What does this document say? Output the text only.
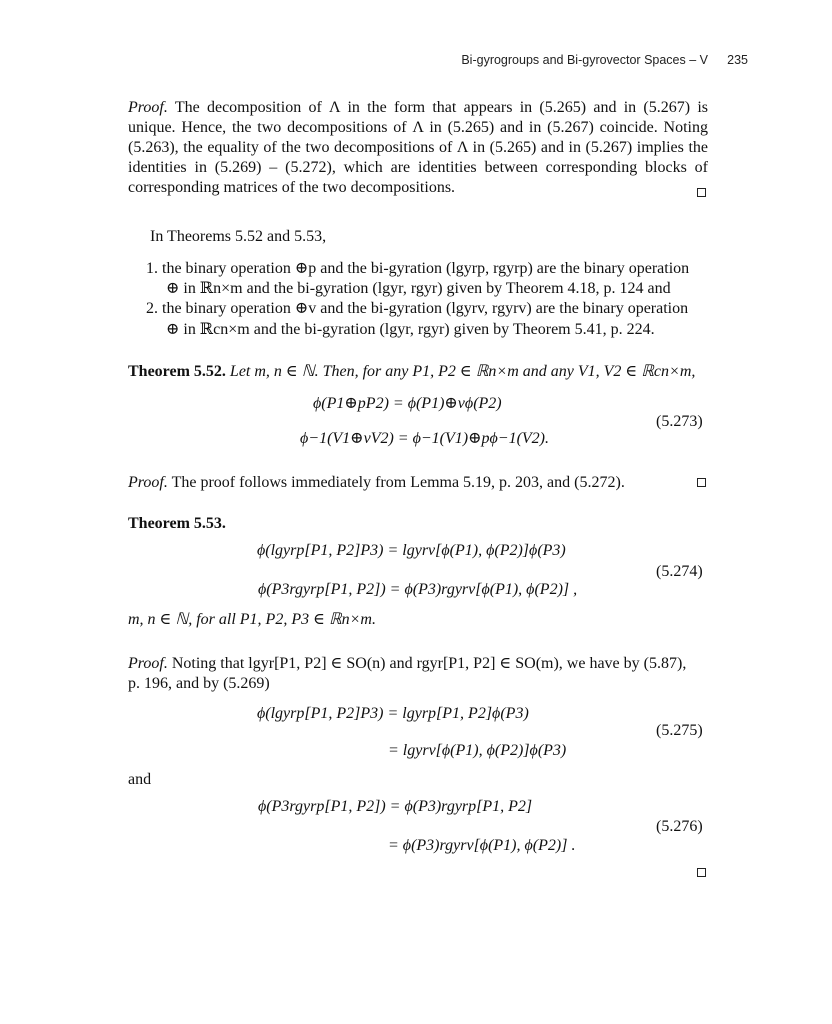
Bi-gyrogroups and Bi-gyrovector Spaces – V 235

Proof. The decomposition of Λ in the form that appears in (5.265) and in (5.267) is unique. Hence, the two decompositions of Λ in (5.265) and in (5.267) coincide. Noting (5.263), the equality of the two decompositions of Λ in (5.265) and in (5.267) implies the identities in (5.269) – (5.272), which are identities between corresponding blocks of corresponding matrices of the two decompositions.

In Theorems 5.52 and 5.53,

1. the binary operation ⊕p and the bi-gyration (lgyrp, rgyrp) are the binary operation
⊕ in ℝn×m and the bi-gyration (lgyr, rgyr) given by Theorem 4.18, p. 124 and
2. the binary operation ⊕v and the bi-gyration (lgyrv, rgyrv) are the binary operation
⊕ in ℝcn×m and the bi-gyration (lgyr, rgyr) given by Theorem 5.41, p. 224.
Theorem 5.52. Let m, n ∈ ℕ. Then, for any P1, P2 ∈ ℝn×m and any V1, V2 ∈ ℝcn×m,
ϕ(P1⊕pP2) = ϕ(P1)⊕vϕ(P2)
ϕ−1(V1⊕vV2) = ϕ−1(V1)⊕pϕ−1(V2).
(5.273)
Proof. The proof follows immediately from Lemma 5.19, p. 203, and (5.272).
Theorem 5.53.
ϕ(lgyrp[P1, P2]P3) = lgyrv[ϕ(P1), ϕ(P2)]ϕ(P3)
ϕ(P3rgyrp[P1, P2]) = ϕ(P3)rgyrv[ϕ(P1), ϕ(P2)] ,
(5.274)
m, n ∈ ℕ, for all P1, P2, P3 ∈ ℝn×m.
Proof. Noting that lgyr[P1, P2] ∈ SO(n) and rgyr[P1, P2] ∈ SO(m), we have by (5.87),
p. 196, and by (5.269)
ϕ(lgyrp[P1, P2]P3) = lgyrp[P1, P2]ϕ(P3)
= lgyrv[ϕ(P1), ϕ(P2)]ϕ(P3)
(5.275)
and
ϕ(P3rgyrp[P1, P2]) = ϕ(P3)rgyrp[P1, P2]
= ϕ(P3)rgyrv[ϕ(P1), ϕ(P2)] .
(5.276)
